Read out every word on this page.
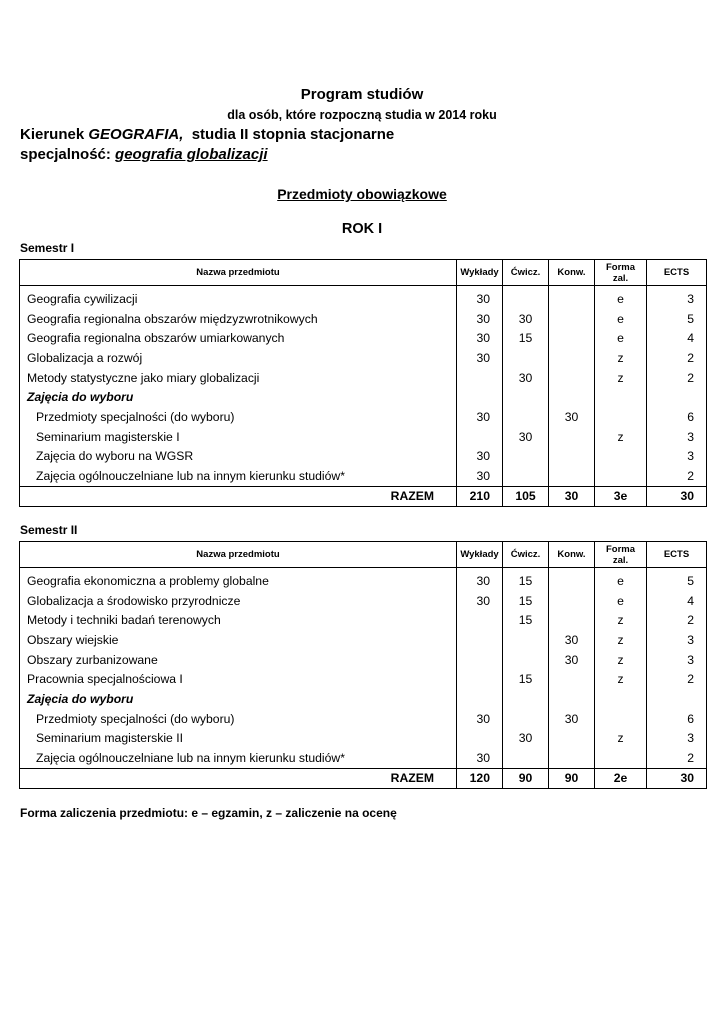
Program studiów
dla osób, które rozpoczną studia w 2014 roku
Kierunek GEOGRAFIA,  studia II stopnia stacjonarne
specjalność: geografia globalizacji
Przedmioty obowiązkowe
ROK I
Semestr I
Nazwa przedmiotu	Wykłady	Ćwicz.	Konw.	Forma zal.	ECTS
Geografia cywilizacji	30			e	3
Geografia regionalna obszarów międzyzwrotnikowych	30	30		e	5
Geografia regionalna obszarów umiarkowanych	30	15		e	4
Globalizacja a rozwój	30			z	2
Metody statystyczne jako miary globalizacji		30		z	2
Zajęcia do wyboru					
Przedmioty specjalności (do wyboru)	30		30		6
Seminarium magisterskie I		30		z	3
Zajęcia do wyboru na WGSR	30				3
Zajęcia ogólnouczelniane lub na innym kierunku studiów*	30				2
RAZEM	210	105	30	3e	30
Semestr II
Nazwa przedmiotu	Wykłady	Ćwicz.	Konw.	Forma zal.	ECTS
Geografia ekonomiczna a problemy globalne	30	15		e	5
Globalizacja a środowisko przyrodnicze	30	15		e	4
Metody i techniki badań terenowych		15		z	2
Obszary wiejskie			30	z	3
Obszary zurbanizowane			30	z	3
Pracownia specjalnościowa I		15		z	2
Zajęcia do wyboru					
Przedmioty specjalności (do wyboru)	30		30		6
Seminarium magisterskie II		30		z	3
Zajęcia ogólnouczelniane lub na innym kierunku studiów*	30				2
RAZEM	120	90	90	2e	30
Forma zaliczenia przedmiotu: e – egzamin, z – zaliczenie na ocenę
